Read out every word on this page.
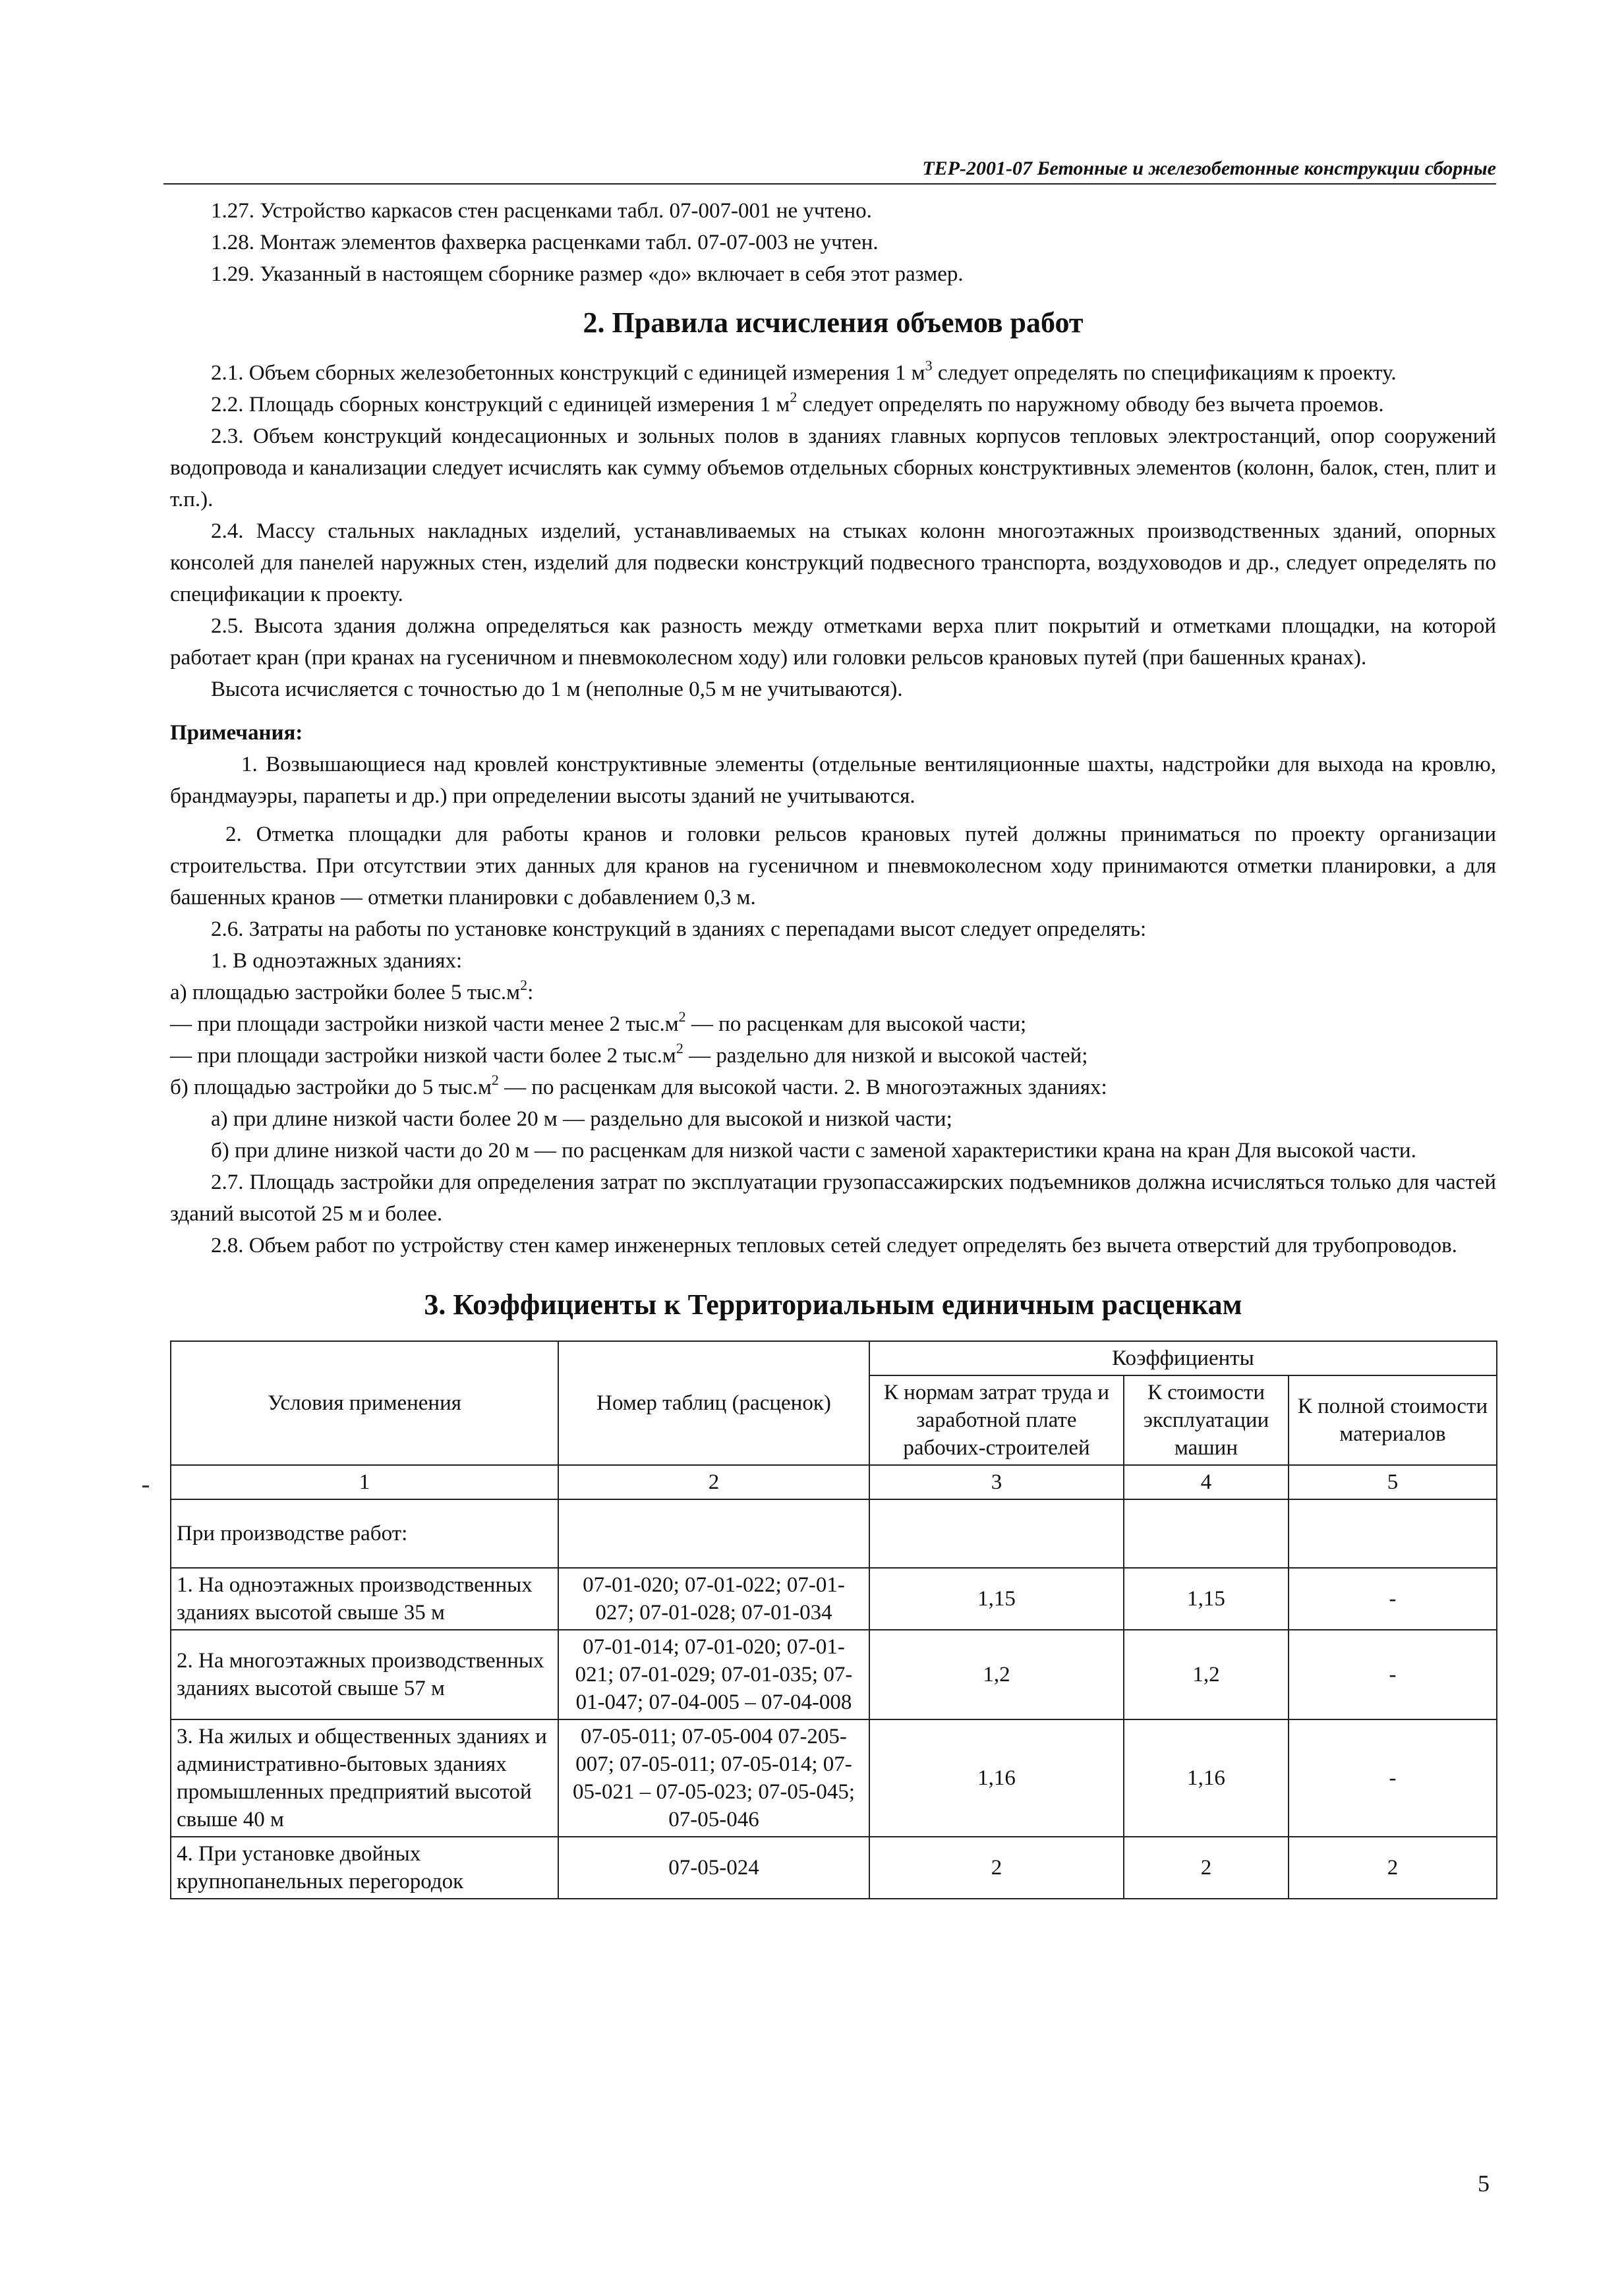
ТЕР-2001-07 Бетонные и железобетонные конструкции сборные

1.27. Устройство каркасов стен расценками табл. 07-007-001 не учтено.

1.28. Монтаж элементов фахверка расценками табл. 07-07-003 не учтен.

1.29. Указанный в настоящем сборнике размер «до» включает в себя этот размер.

2. Правила исчисления объемов работ

2.1. Объем сборных железобетонных конструкций с единицей измерения 1 $м^3$ следует определять по спецификациям к проекту.

2.2. Площадь сборных конструкций с единицей измерения 1 $м^2$ следует определять по наружному обводу без вычета проемов.

2.3. Объем конструкций кондесационных и зольных полов в зданиях главных корпусов тепловых электростанций, опор сооружений водопровода и канализации следует исчислять как сумму объемов отдельных сборных конструктивных элементов (колонн, балок, стен, плит и т.п.).

2.4. Массу стальных накладных изделий, устанавливаемых на стыках колонн многоэтажных производственных зданий, опорных консолей для панелей наружных стен, изделий для подвески конструкций подвесного транспорта, воздуховодов и др., следует определять по спецификации к проекту.

2.5. Высота здания должна определяться как разность между отметками верха плит покрытий и отметками площадки, на которой работает кран (при кранах на гусеничном и пневмоколесном ходу) или головки рельсов крановых путей (при башенных кранах).

Высота исчисляется с точностью до 1 м (неполные 0,5 м не учитываются).

Примечания:

1. Возвышающиеся над кровлей конструктивные элементы (отдельные вентиляционные шахты, надстройки для выхода на кровлю, брандмауэры, парапеты и др.) при определении высоты зданий не учитываются.

2. Отметка площадки для работы кранов и головки рельсов крановых путей должны приниматься по проекту организации строительства. При отсутствии этих данных для кранов на гусеничном и пневмоколесном ходу принимаются отметки планировки, а для башенных кранов — отметки планировки с добавлением 0,3 м.

2.6. Затраты на работы по установке конструкций в зданиях с перепадами высот следует определять:

1. В одноэтажных зданиях:

а) площадью застройки более 5 $тыс.м^2$:

— при площади застройки низкой части менее 2 $тыс.м^2$ — по расценкам для высокой части;

— при площади застройки низкой части более 2 $тыс.м^2$ — раздельно для низкой и высокой частей;

б) площадью застройки до 5 $тыс.м^2$ — по расценкам для высокой части. 2. В многоэтажных зданиях:

а) при длине низкой части более 20 м — раздельно для высокой и низкой части;

б) при длине низкой части до 20 м — по расценкам для низкой части с заменой характеристики крана на кран Для высокой части.

2.7. Площадь застройки для определения затрат по эксплуатации грузопассажирских подъемников должна исчисляться только для частей зданий высотой 25 м и более.

2.8. Объем работ по устройству стен камер инженерных тепловых сетей следует определять без вычета отверстий для трубопроводов.

3. Коэффициенты к Территориальным единичным расценкам
Условия применения	Номер таблиц (расценок)	Коэффициенты		
		К нормам затрат труда и заработной плате рабочих-строителей	К стоимости эксплуатации машин	К полной стоимости материалов
1	2	3	4	5
При производстве работ:				
1. На одноэтажных производственных зданиях высотой свыше 35 м	07-01-020; 07-01-022; 07-01-027; 07-01-028; 07-01-034	1,15	1,15	-
2. На многоэтажных производственных зданиях высотой свыше 57 м	07-01-014; 07-01-020; 07-01-021; 07-01-029; 07-01-035; 07-01-047; 07-04-005 – 07-04-008	1,2	1,2	-
3. На жилых и общественных зданиях и административно-бытовых зданиях промышленных предприятий высотой свыше 40 м	07-05-011; 07-05-004 07-205-007; 07-05-011; 07-05-014; 07-05-021 – 07-05-023; 07-05-045; 07-05-046	1,16	1,16	-
4. При установке двойных крупнопанельных перегородок	07-05-024	2	2	2
5
